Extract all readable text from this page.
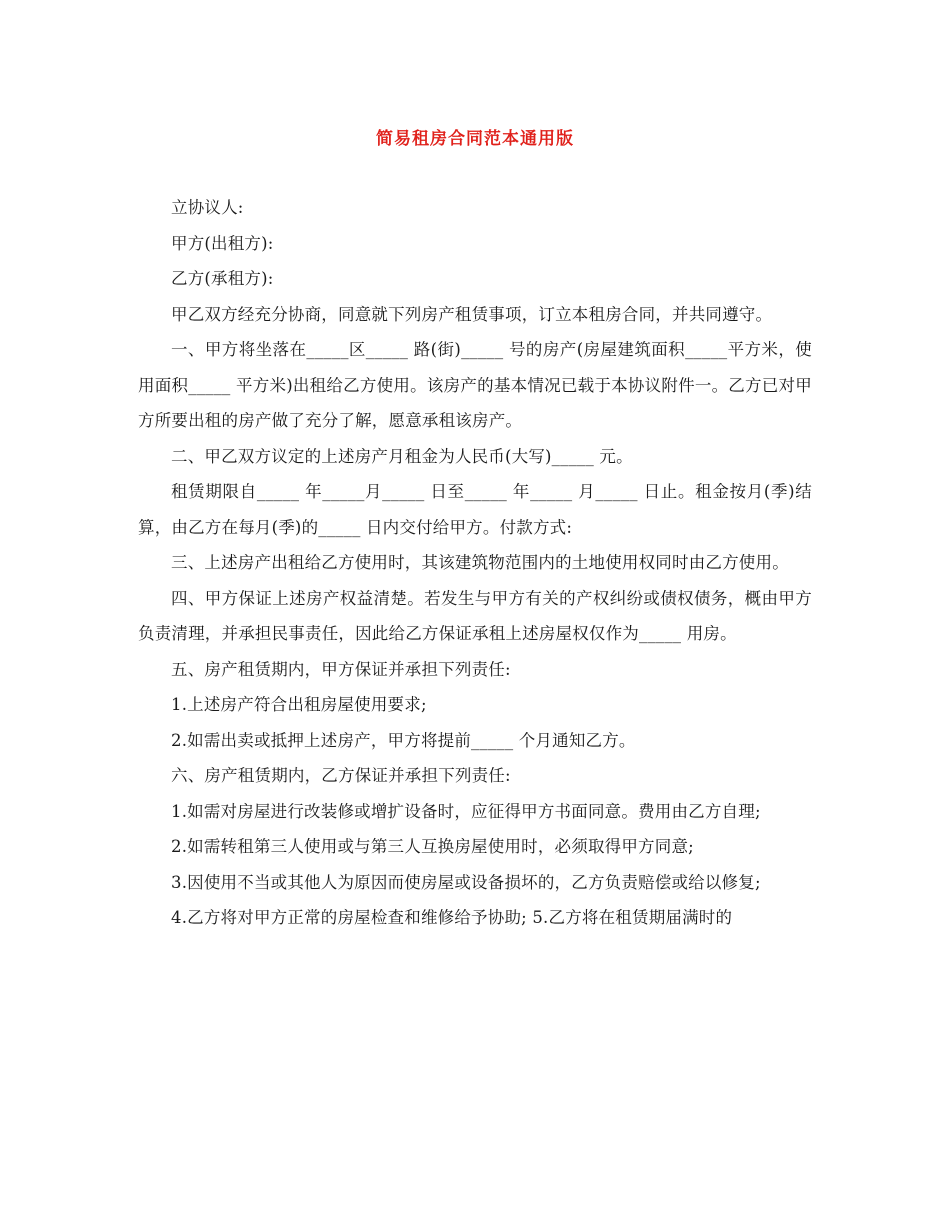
简易租房合同范本通用版

立协议人:

甲方(出租方):

乙方(承租方):

甲乙双方经充分协商，同意就下列房产租赁事项，订立本租房合同，并共同遵守。

一、甲方将坐落在_____区_____ 路(街)_____ 号的房产(房屋建筑面积_____平方米，使用面积_____ 平方米)出租给乙方使用。该房产的基本情况已载于本协议附件一。乙方已对甲方所要出租的房产做了充分了解，愿意承租该房产。

二、甲乙双方议定的上述房产月租金为人民币(大写)_____ 元。

租赁期限自_____ 年_____月_____ 日至_____ 年_____ 月_____ 日止。租金按月(季)结算，由乙方在每月(季)的_____ 日内交付给甲方。付款方式:

三、上述房产出租给乙方使用时，其该建筑物范围内的土地使用权同时由乙方使用。

四、甲方保证上述房产权益清楚。若发生与甲方有关的产权纠纷或债权债务，概由甲方负责清理，并承担民事责任，因此给乙方保证承租上述房屋权仅作为_____ 用房。

五、房产租赁期内，甲方保证并承担下列责任:

1.上述房产符合出租房屋使用要求;

2.如需出卖或抵押上述房产，甲方将提前_____ 个月通知乙方。

六、房产租赁期内，乙方保证并承担下列责任:

1.如需对房屋进行改装修或增扩设备时，应征得甲方书面同意。费用由乙方自理;

2.如需转租第三人使用或与第三人互换房屋使用时，必须取得甲方同意;

3.因使用不当或其他人为原因而使房屋或设备损坏的，乙方负责赔偿或给以修复;

4.乙方将对甲方正常的房屋检查和维修给予协助; 5.乙方将在租赁期届满时的
